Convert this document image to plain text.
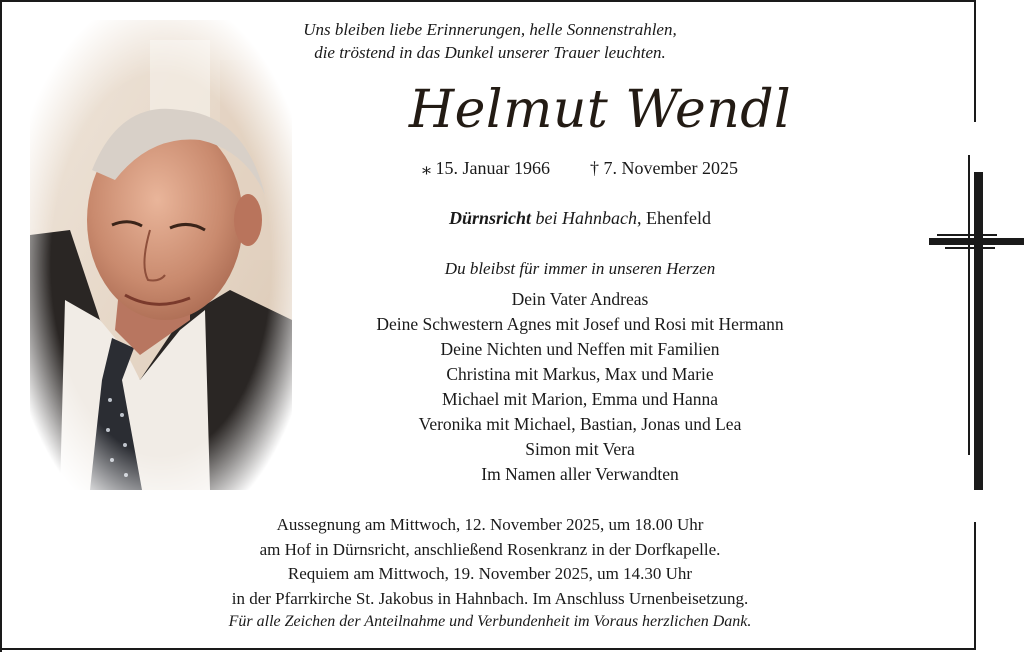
Uns bleiben liebe Erinnerungen, helle Sonnenstrahlen,
die tröstend in das Dunkel unserer Trauer leuchten.
Helmut Wendl
⁎ 15. Januar 1966 † 7. November 2025
Dürnsricht bei Hahnbach, Ehenfeld
Du bleibst für immer in unseren Herzen
Dein Vater Andreas
Deine Schwestern Agnes mit Josef und Rosi mit Hermann
Deine Nichten und Neffen mit Familien
Christina mit Markus, Max und Marie
Michael mit Marion, Emma und Hanna
Veronika mit Michael, Bastian, Jonas und Lea
Simon mit Vera
Im Namen aller Verwandten
Aussegnung am Mittwoch, 12. November 2025, um 18.00 Uhr
am Hof in Dürnsricht, anschließend Rosenkranz in der Dorfkapelle.
Requiem am Mittwoch, 19. November 2025, um 14.30 Uhr
in der Pfarrkirche St. Jakobus in Hahnbach. Im Anschluss Urnenbeisetzung.
Für alle Zeichen der Anteilnahme und Verbundenheit im Voraus herzlichen Dank.
